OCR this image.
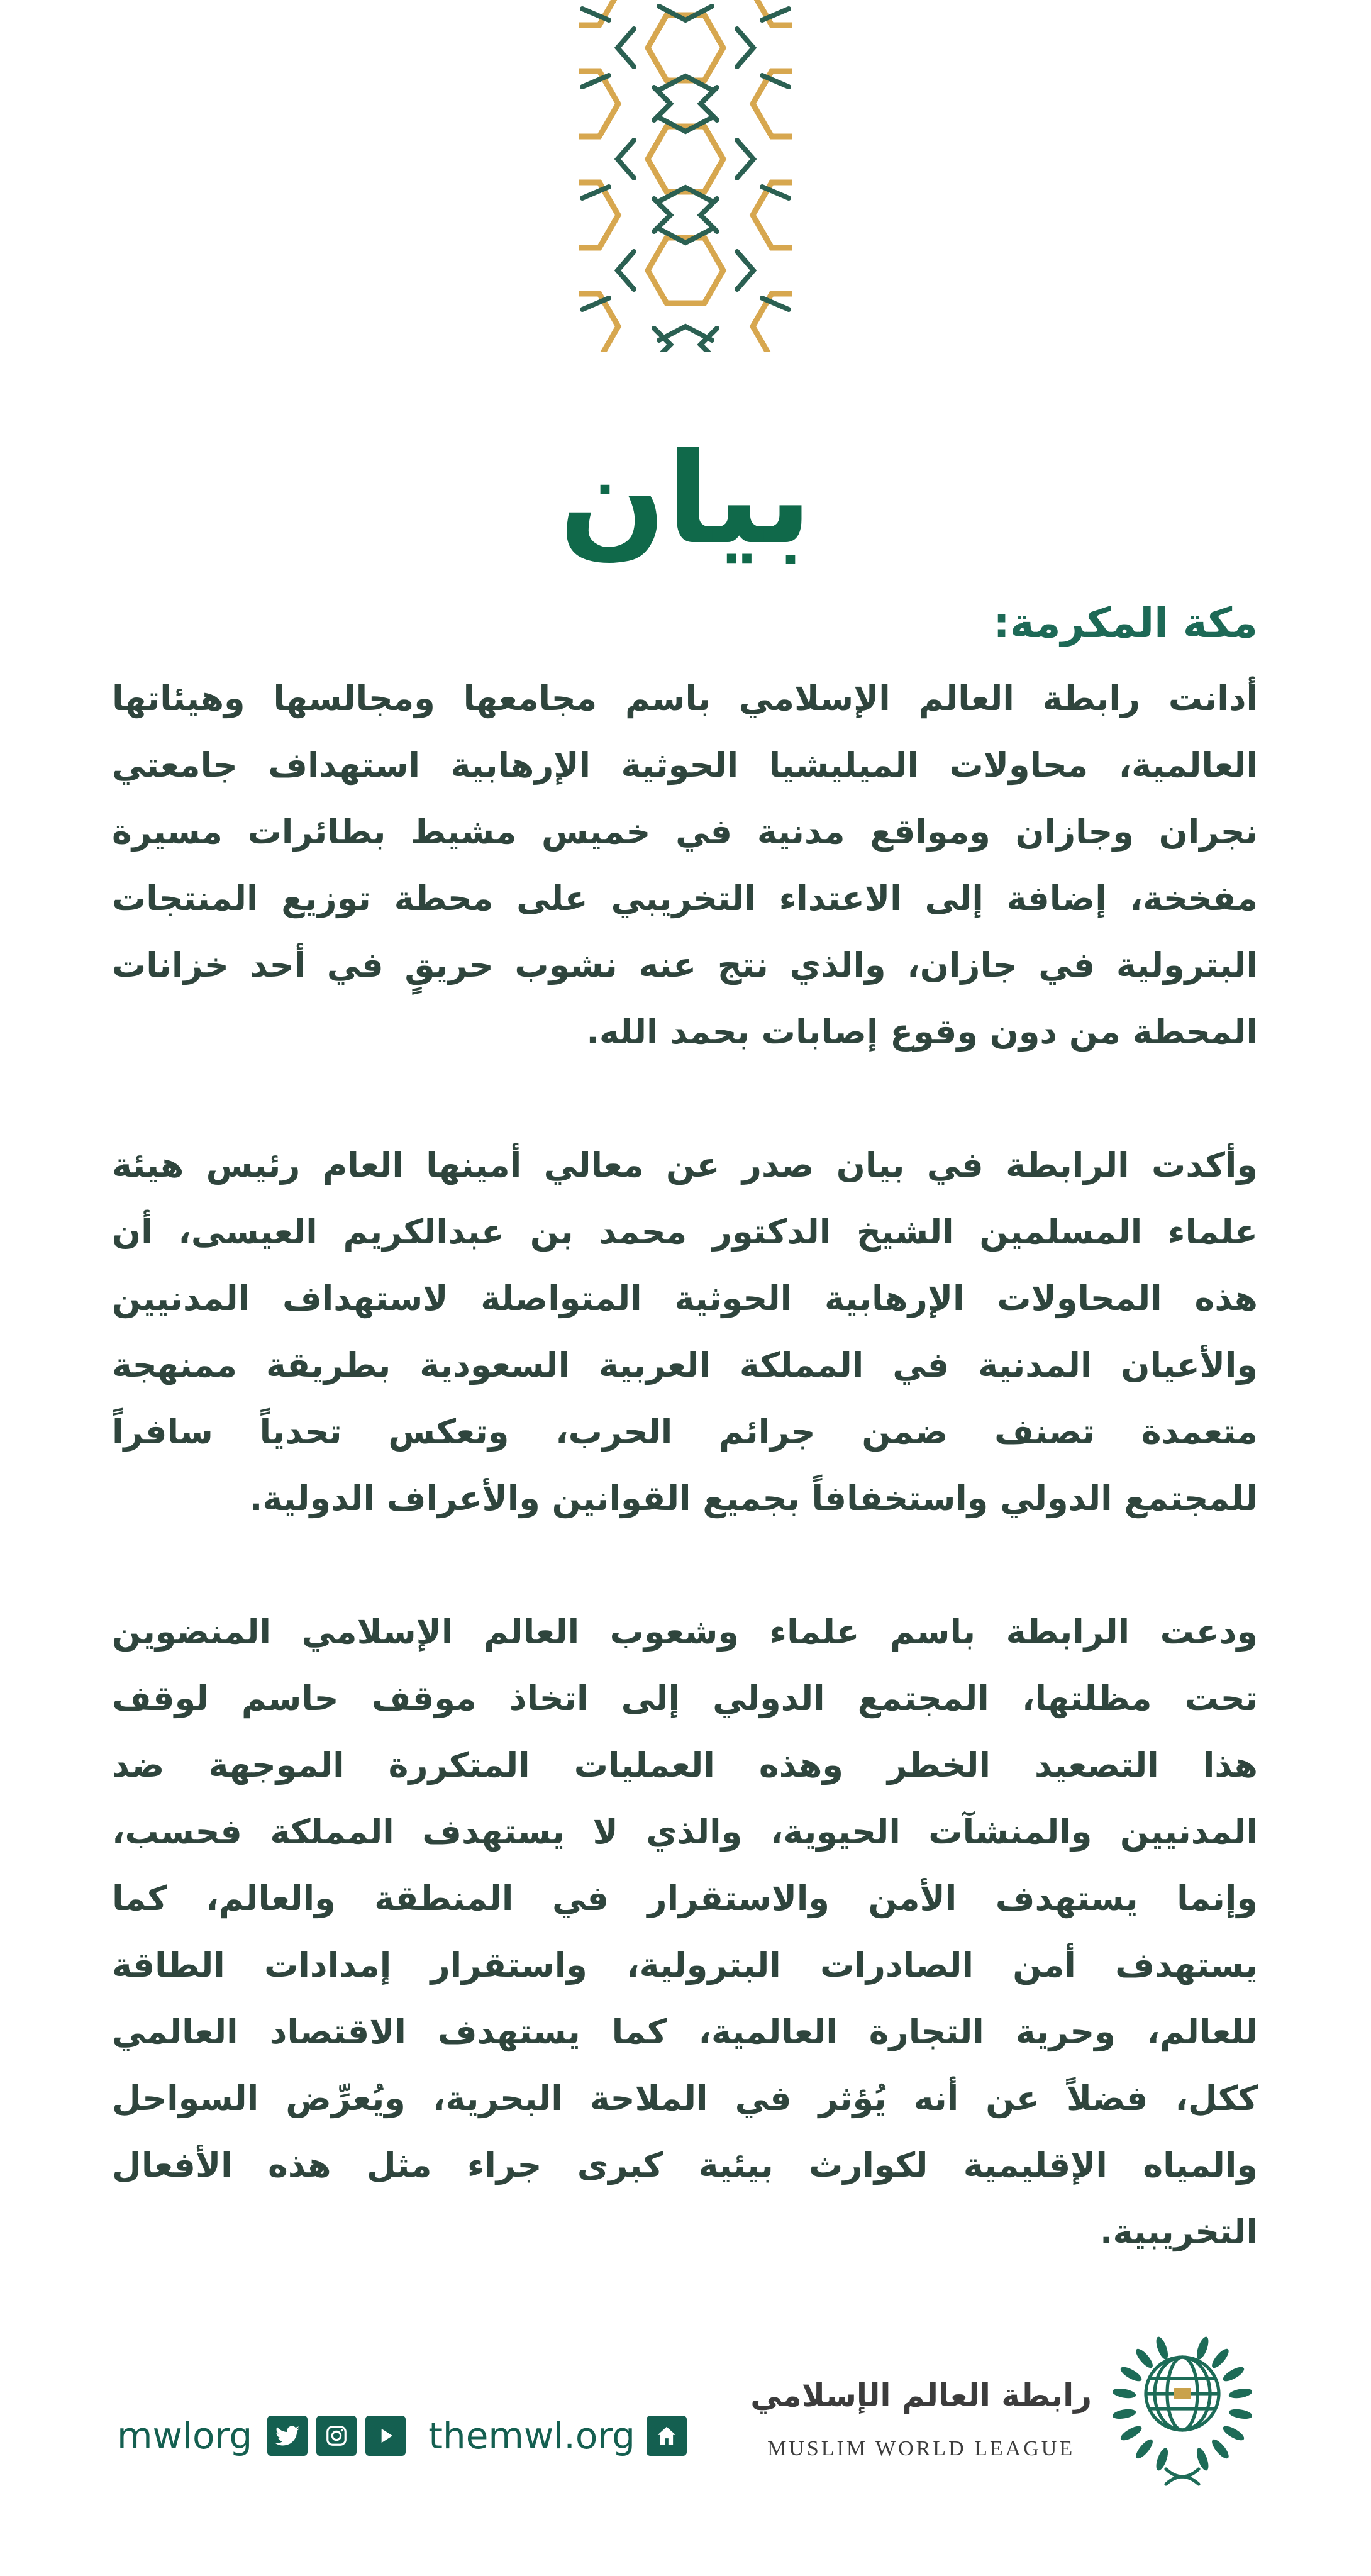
بيان
مكة المكرمة:
أدانت رابطة العالم الإسلامي باسم مجامعها ومجالسها وهيئاتها
العالمية، محاولات الميليشيا الحوثية الإرهابية استهداف جامعتي
نجران وجازان ومواقع مدنية في خميس مشيط بطائرات مسيرة
مفخخة، إضافة إلى الاعتداء التخريبي على محطة توزيع المنتجات
البترولية في جازان، والذي نتج عنه نشوب حريقٍ في أحد خزانات
المحطة من دون وقوع إصابات بحمد الله.
وأكدت الرابطة في بيان صدر عن معالي أمينها العام رئيس هيئة
علماء المسلمين الشيخ الدكتور محمد بن عبدالكريم العيسى، أن
هذه المحاولات الإرهابية الحوثية المتواصلة لاستهداف المدنيين
والأعيان المدنية في المملكة العربية السعودية بطريقة ممنهجة
متعمدة تصنف ضمن جرائم الحرب، وتعكس تحدياً سافراً
للمجتمع الدولي واستخفافاً بجميع القوانين والأعراف الدولية.
ودعت الرابطة باسم علماء وشعوب العالم الإسلامي المنضوين
تحت مظلتها، المجتمع الدولي إلى اتخاذ موقف حاسم لوقف
هذا التصعيد الخطر وهذه العمليات المتكررة الموجهة ضد
المدنيين والمنشآت الحيوية، والذي لا يستهدف المملكة فحسب،
وإنما يستهدف الأمن والاستقرار في المنطقة والعالم، كما
يستهدف أمن الصادرات البترولية، واستقرار إمدادات الطاقة
للعالم، وحرية التجارة العالمية، كما يستهدف الاقتصاد العالمي
ككل، فضلاً عن أنه يُؤثر في الملاحة البحرية، ويُعرِّض السواحل
والمياه الإقليمية لكوارث بيئية كبرى جراء مثل هذه الأفعال
التخريبية.
mwlorg	themwl.org
رابطة العالم الإسلامي
MUSLIM WORLD LEAGUE
